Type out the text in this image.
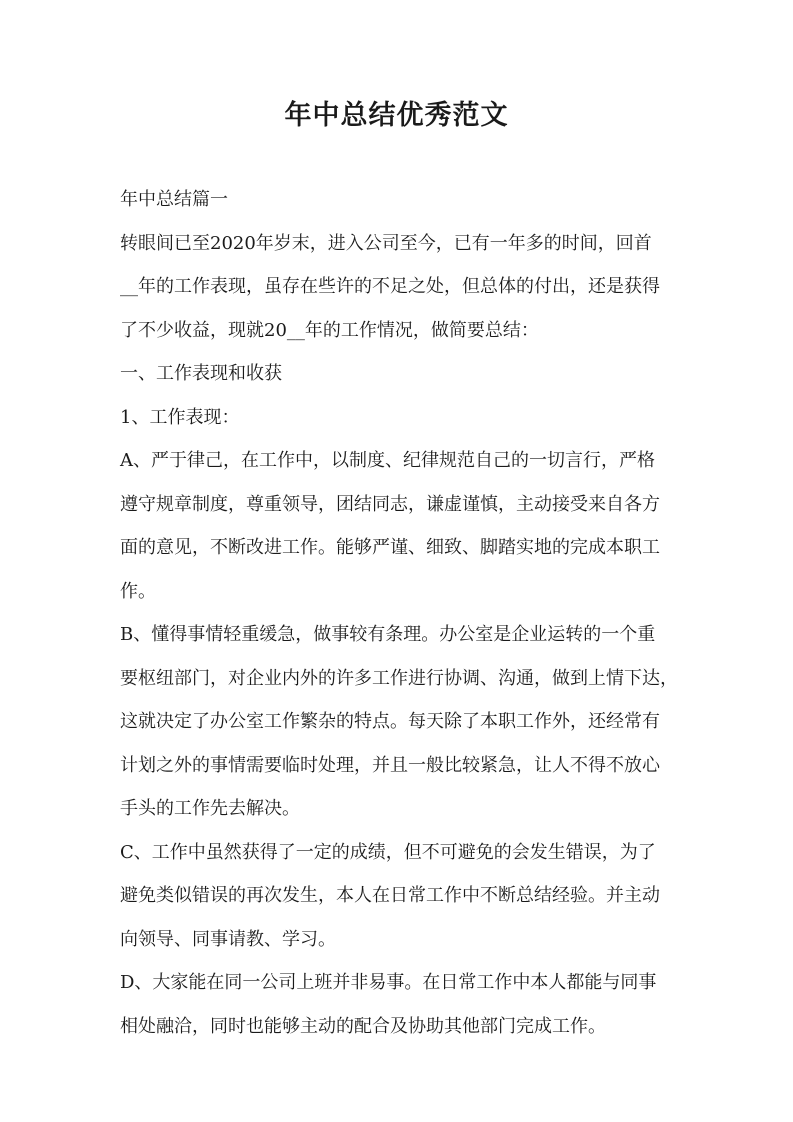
年中总结优秀范文
年中总结篇一
转眼间已至2020年岁末，进入公司至今，已有一年多的时间，回首
__年的工作表现，虽存在些许的不足之处，但总体的付出，还是获得
了不少收益，现就20__年的工作情况，做简要总结：
一、工作表现和收获
1、工作表现：
A、严于律己，在工作中，以制度、纪律规范自己的一切言行，严格
遵守规章制度，尊重领导，团结同志，谦虚谨慎，主动接受来自各方
面的意见，不断改进工作。能够严谨、细致、脚踏实地的完成本职工
作。
B、懂得事情轻重缓急，做事较有条理。办公室是企业运转的一个重
要枢纽部门，对企业内外的许多工作进行协调、沟通，做到上情下达，
这就决定了办公室工作繁杂的特点。每天除了本职工作外，还经常有
计划之外的事情需要临时处理，并且一般比较紧急，让人不得不放心
手头的工作先去解决。
C、工作中虽然获得了一定的成绩，但不可避免的会发生错误，为了
避免类似错误的再次发生，本人在日常工作中不断总结经验。并主动
向领导、同事请教、学习。
D、大家能在同一公司上班并非易事。在日常工作中本人都能与同事
相处融洽，同时也能够主动的配合及协助其他部门完成工作。
